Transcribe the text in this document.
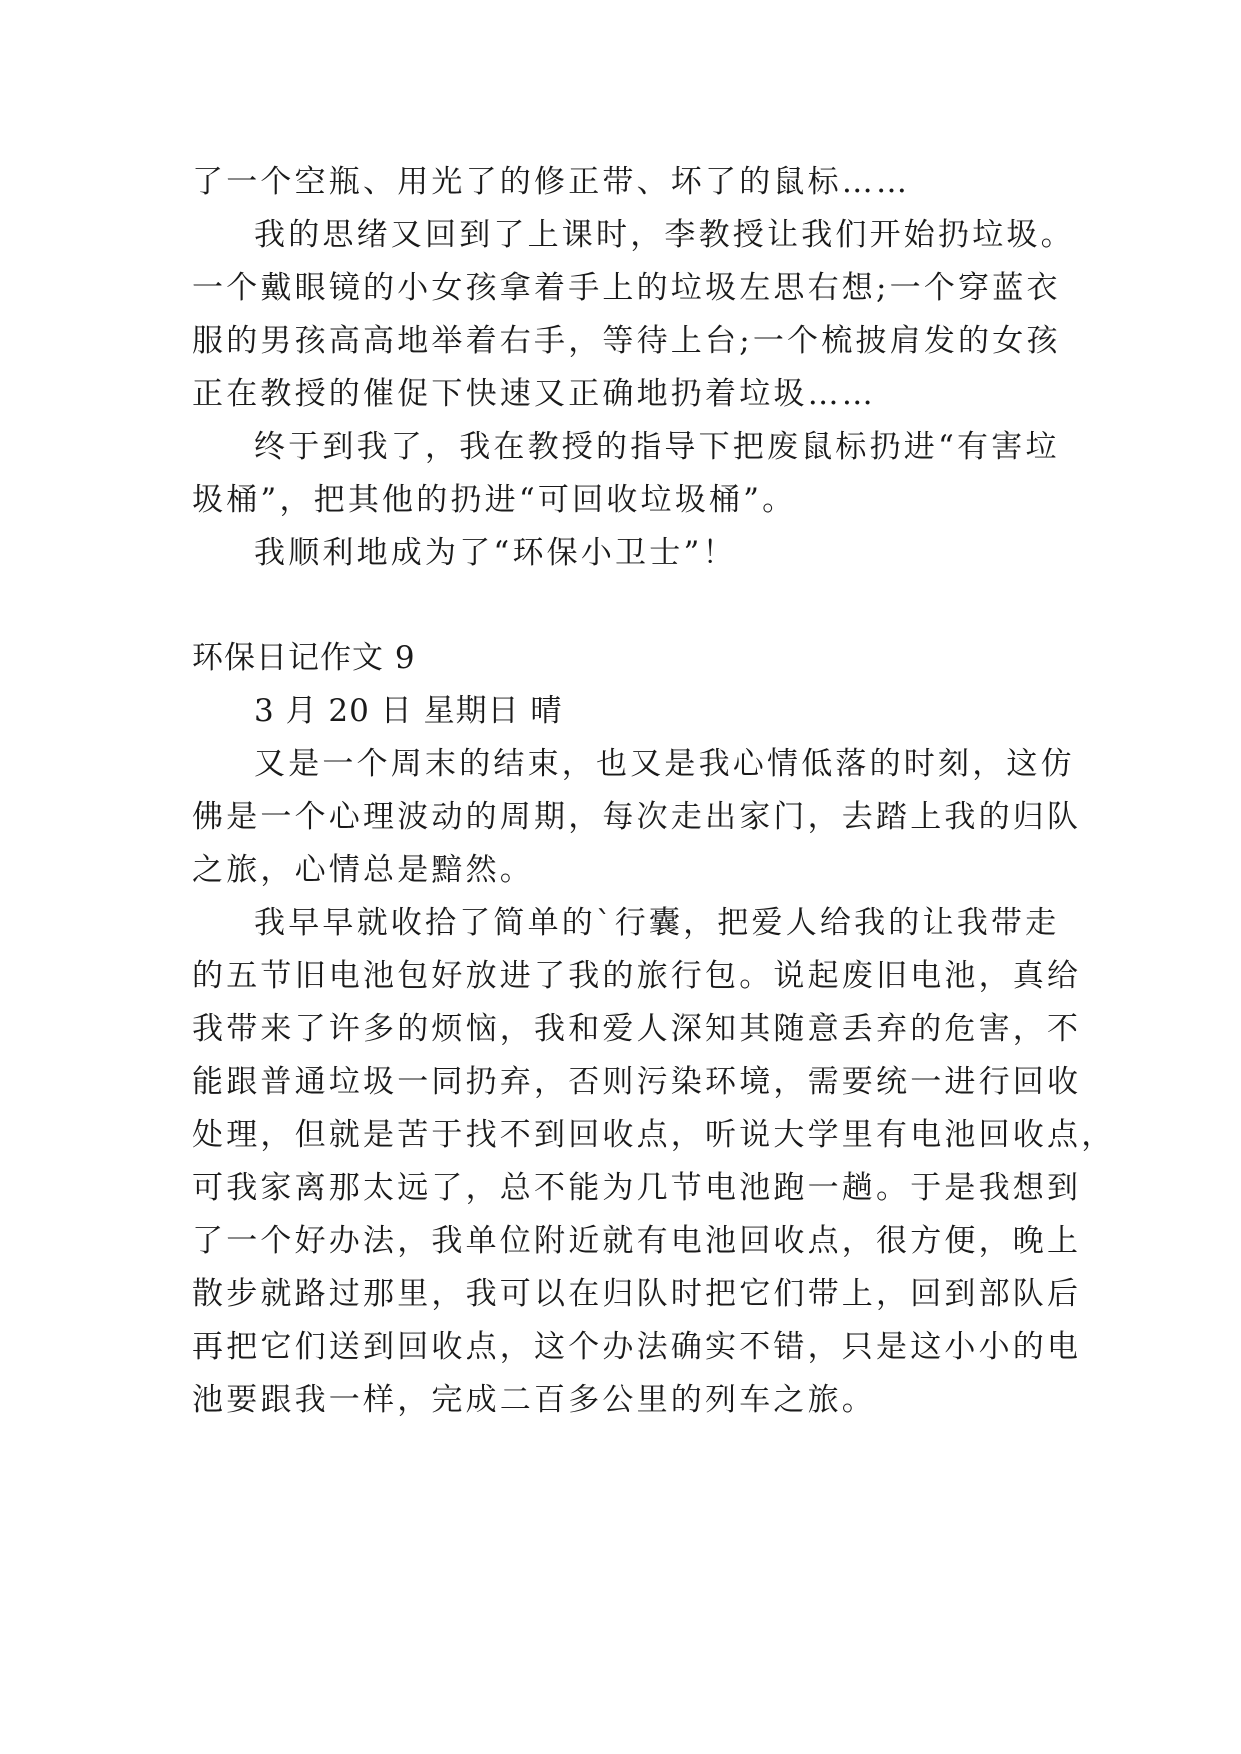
了一个空瓶、用光了的修正带、坏了的鼠标……
我的思绪又回到了上课时，李教授让我们开始扔垃圾。
一个戴眼镜的小女孩拿着手上的垃圾左思右想;一个穿蓝衣
服的男孩高高地举着右手，等待上台;一个梳披肩发的女孩
正在教授的催促下快速又正确地扔着垃圾……
终于到我了，我在教授的指导下把废鼠标扔进“有害垃
圾桶”，把其他的扔进“可回收垃圾桶”。
我顺利地成为了“环保小卫士”！
环保日记作文 9
3 月 20 日 星期日 晴
又是一个周末的结束，也又是我心情低落的时刻，这仿
佛是一个心理波动的周期，每次走出家门，去踏上我的归队
之旅，心情总是黯然。
我早早就收拾了简单的`行囊，把爱人给我的让我带走
的五节旧电池包好放进了我的旅行包。说起废旧电池，真给
我带来了许多的烦恼，我和爱人深知其随意丢弃的危害，不
能跟普通垃圾一同扔弃，否则污染环境，需要统一进行回收
处理，但就是苦于找不到回收点，听说大学里有电池回收点，
可我家离那太远了，总不能为几节电池跑一趟。于是我想到
了一个好办法，我单位附近就有电池回收点，很方便，晚上
散步就路过那里，我可以在归队时把它们带上，回到部队后
再把它们送到回收点，这个办法确实不错，只是这小小的电
池要跟我一样，完成二百多公里的列车之旅。
